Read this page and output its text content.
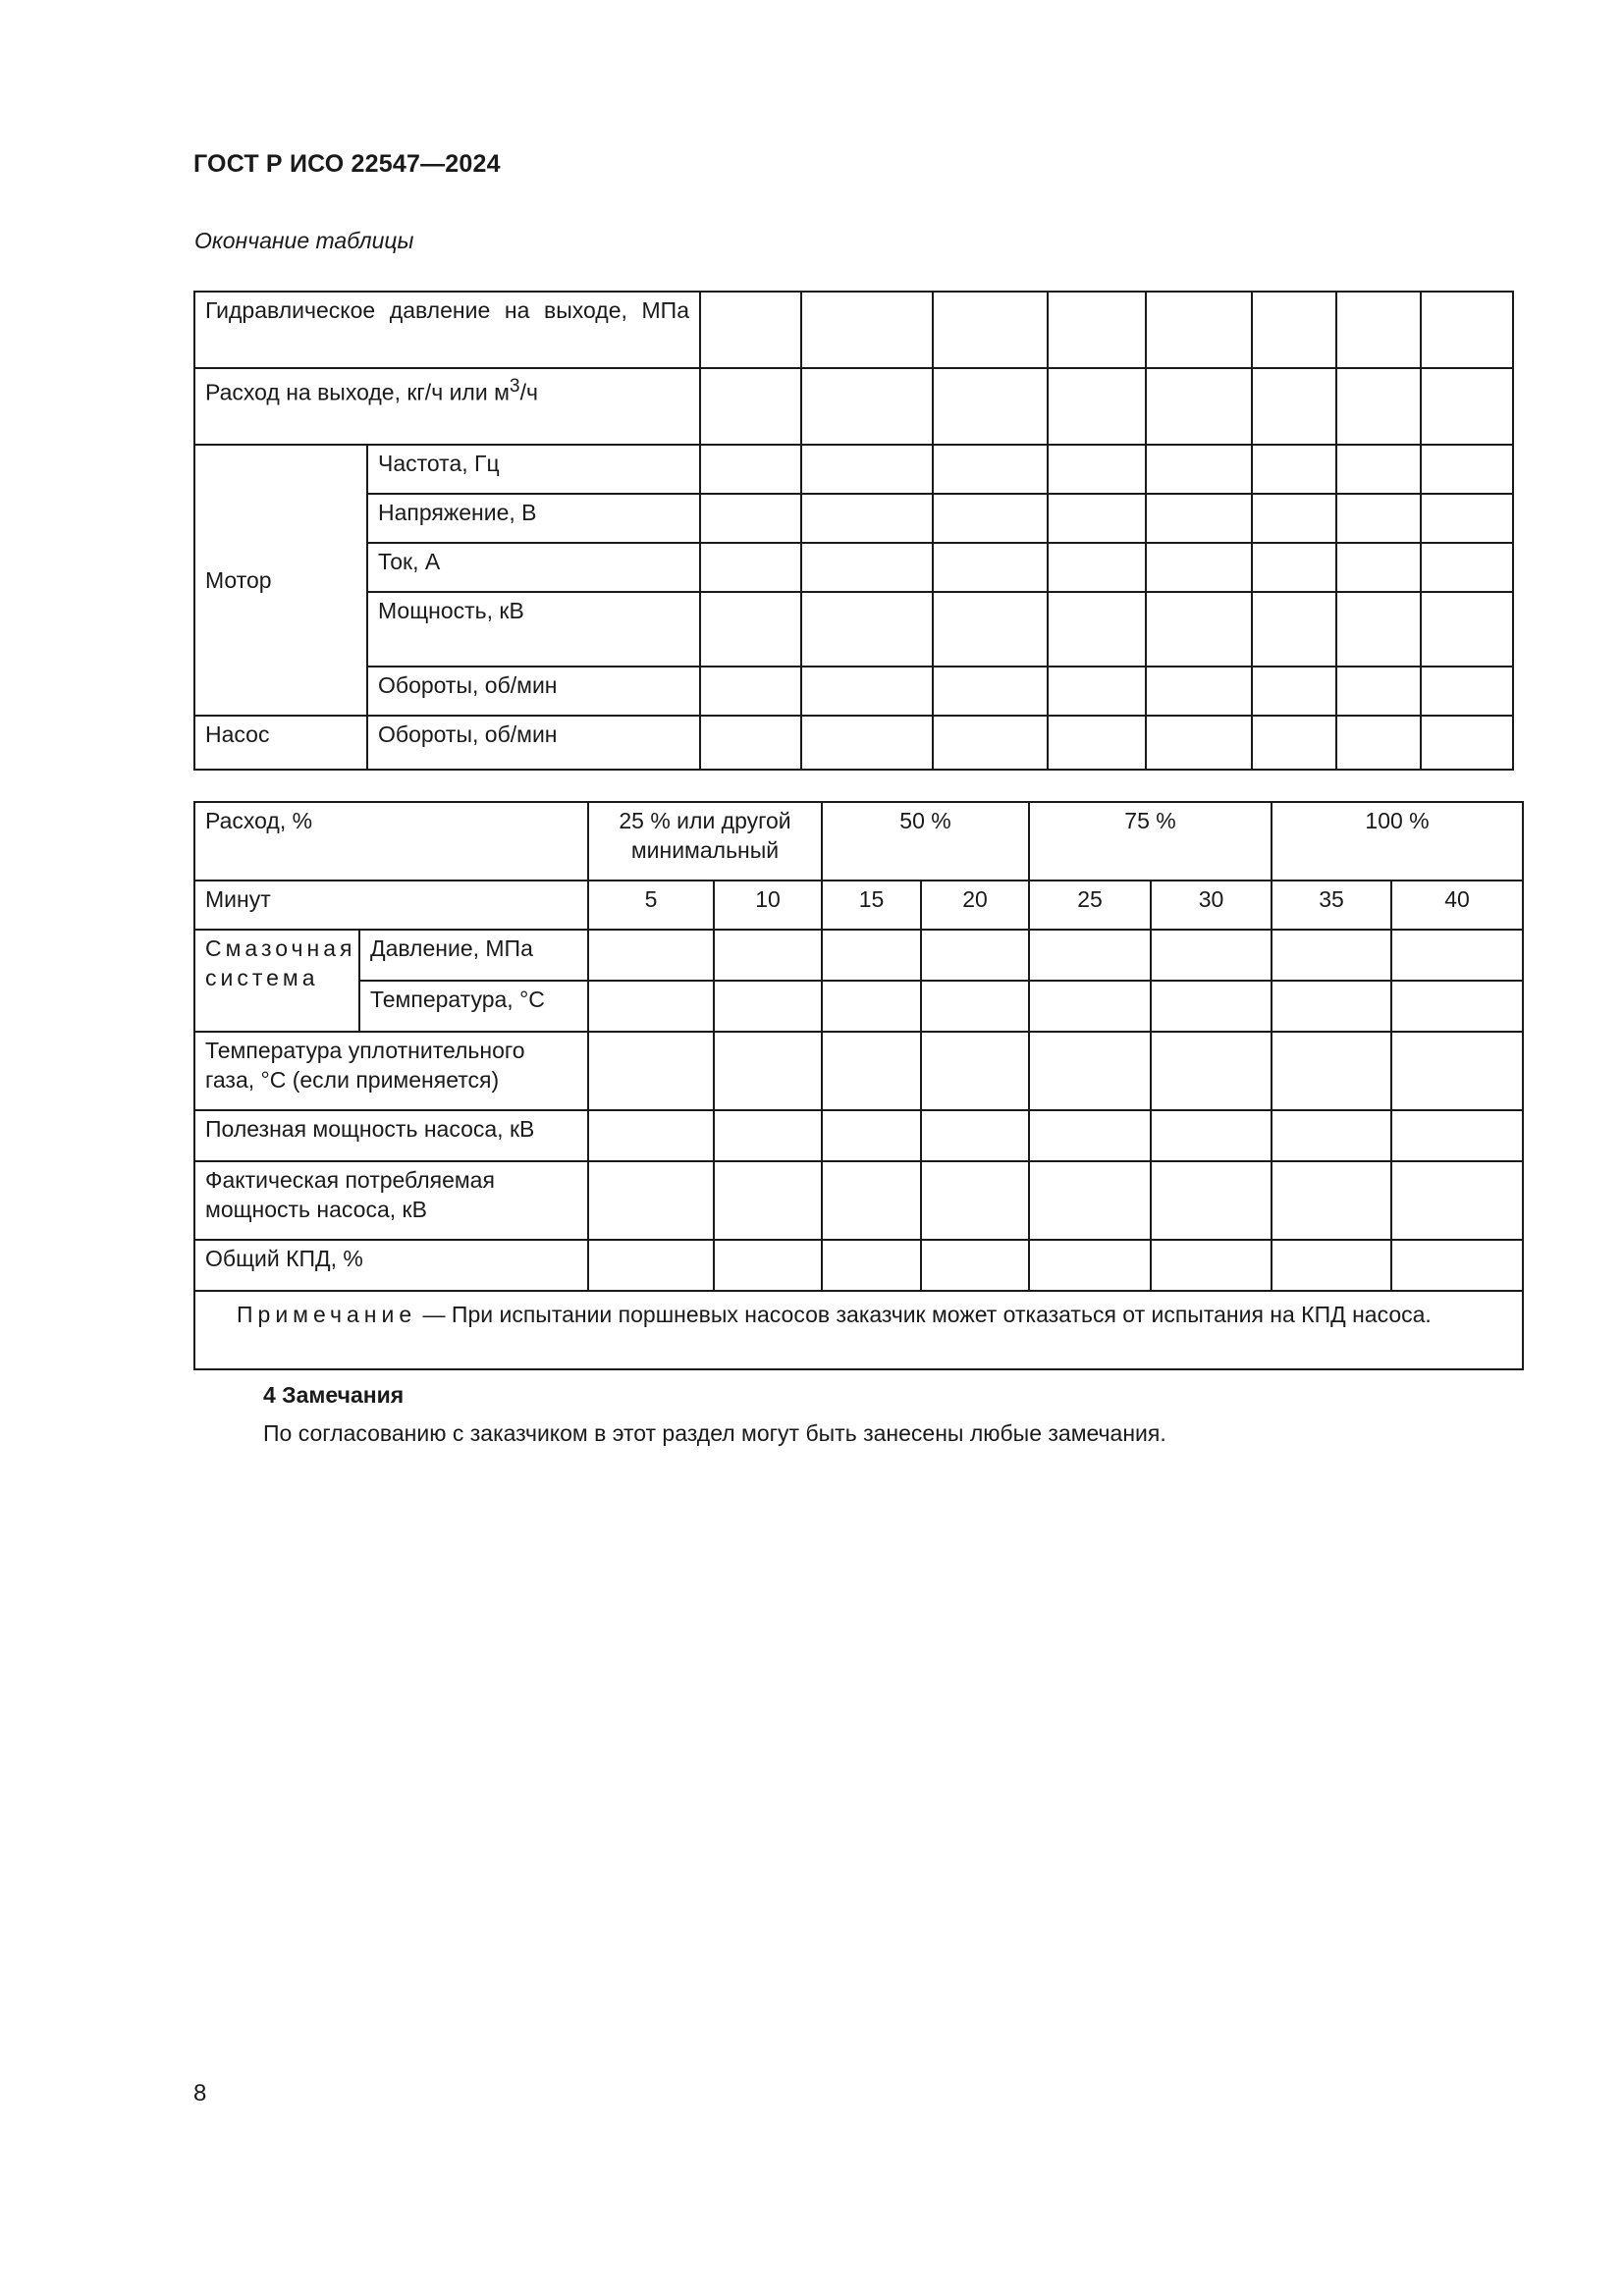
ГОСТ Р ИСО 22547—2024
Окончание таблицы
Гидравлическое давление на выходе, МПа									
Расход на выходе, кг/ч или $м^3/ч$									
Мотор	Частота, Гц								
	Напряжение, В								
	Ток, А								
	Мощность, кВ								
	Обороты, об/мин								
Насос	Обороты, об/мин								
Расход, %		25 % или другой минимальный		50 %		75 %		100 %	
Минут		5	10	15	20	25	30	35	40
Смазочная система	Давление, МПа								
	Температура, °С								
Температура уплотнительного газа, °С (если применяется)									
Полезная мощность насоса, кВ									
Фактическая потребляемая мощность насоса, кВ									
Общий КПД, %									
Примечание — При испытании поршневых насосов заказчик может отказаться от испытания на КПД насоса.									
4 Замечания
По согласованию с заказчиком в этот раздел могут быть занесены любые замечания.
8
